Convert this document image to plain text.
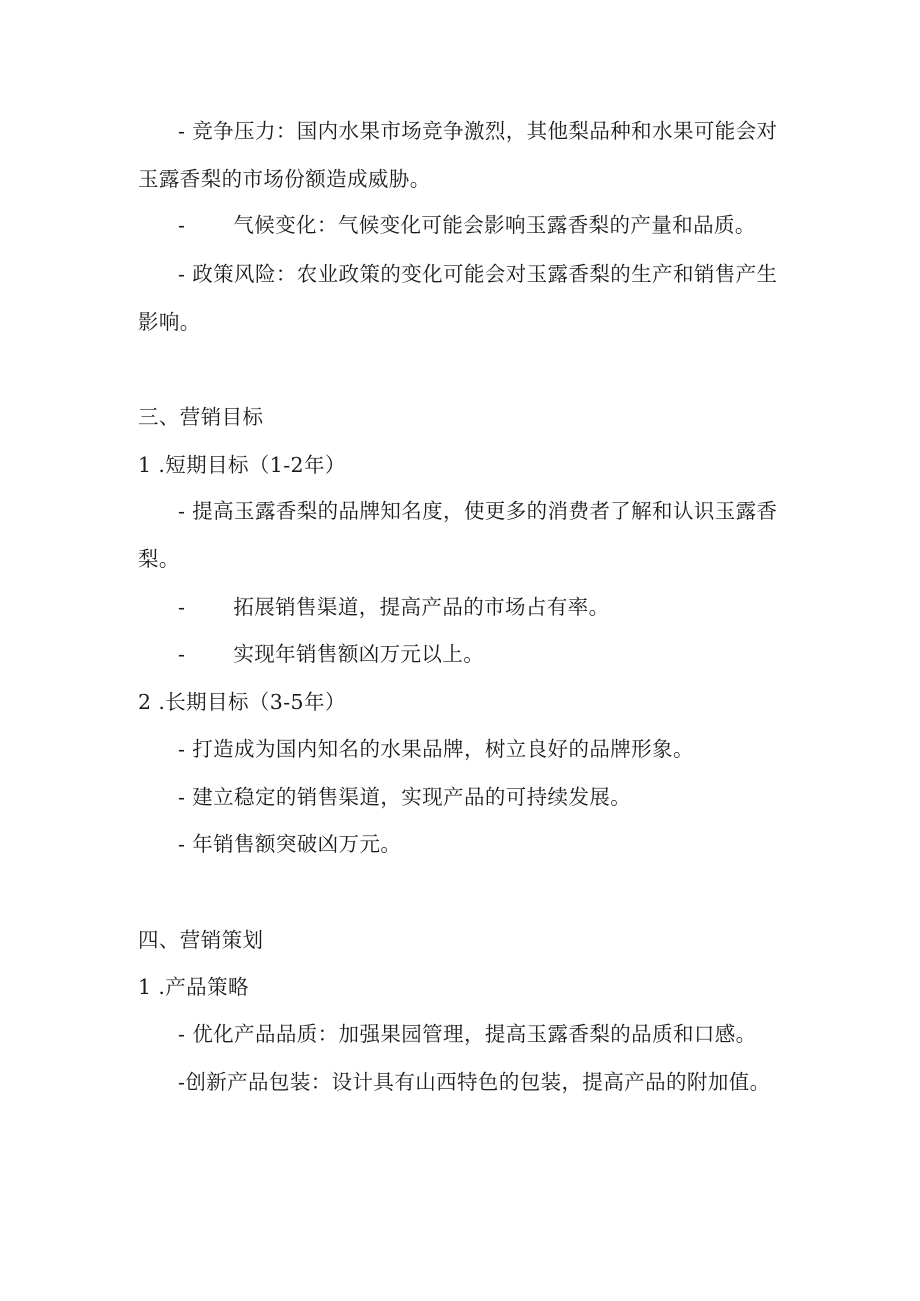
- 竞争压力：国内水果市场竞争激烈，其他梨品种和水果可能会对
玉露香梨的市场份额造成威胁。
- 气候变化：气候变化可能会影响玉露香梨的产量和品质。
- 政策风险：农业政策的变化可能会对玉露香梨的生产和销售产生
影响。
三、营销目标
1 .短期目标（1-2年）
- 提高玉露香梨的品牌知名度，使更多的消费者了解和认识玉露香
梨。
- 拓展销售渠道，提高产品的市场占有率。
- 实现年销售额凶万元以上。
2 .长期目标（3-5年）
- 打造成为国内知名的水果品牌，树立良好的品牌形象。
- 建立稳定的销售渠道，实现产品的可持续发展。
- 年销售额突破凶万元。
四、营销策划
1 .产品策略
- 优化产品品质：加强果园管理，提高玉露香梨的品质和口感。
-创新产品包装：设计具有山西特色的包装，提高产品的附加值。
